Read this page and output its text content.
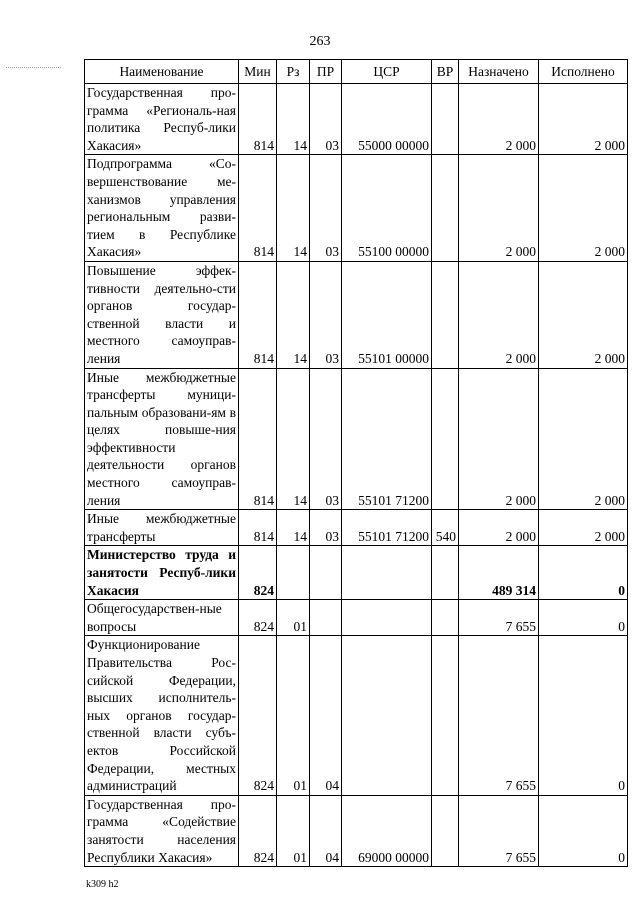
263
Наименование	Мин	Рз	ПР	ЦСР	ВР	Назначено	Исполнено
Государственная про-грамма «Региональ-ная политика Респуб-лики Хакасия»	814	14	03	55000 00000		2 000	2 000
Подпрограмма «Со-вершенствование ме-ханизмов управления региональным разви-тием в Республике Хакасия»	814	14	03	55100 00000		2 000	2 000
Повышение эффек-тивности деятельно-сти органов государ-ственной власти и местного самоуправ-ления	814	14	03	55101 00000		2 000	2 000
Иные межбюджетные трансферты муници-пальным образовани-ям в целях повыше-ния эффективности деятельности органов местного самоуправ-ления	814	14	03	55101 71200		2 000	2 000
Иные межбюджетные трансферты	814	14	03	55101 71200	540	2 000	2 000
Министерство труда и занятости Респуб-лики Хакасия	824					489 314	0
Общегосударствен-ные вопросы	824	01				7 655	0
Функционирование Правительства Рос-сийской Федерации, высших исполнитель-ных органов государ-ственной власти субъ-ектов Российской Федерации, местных администраций	824	01	04			7 655	0
Государственная про-грамма «Содействие занятости населения Республики Хакасия»	824	01	04	69000 00000		7 655	0
k309 h2
